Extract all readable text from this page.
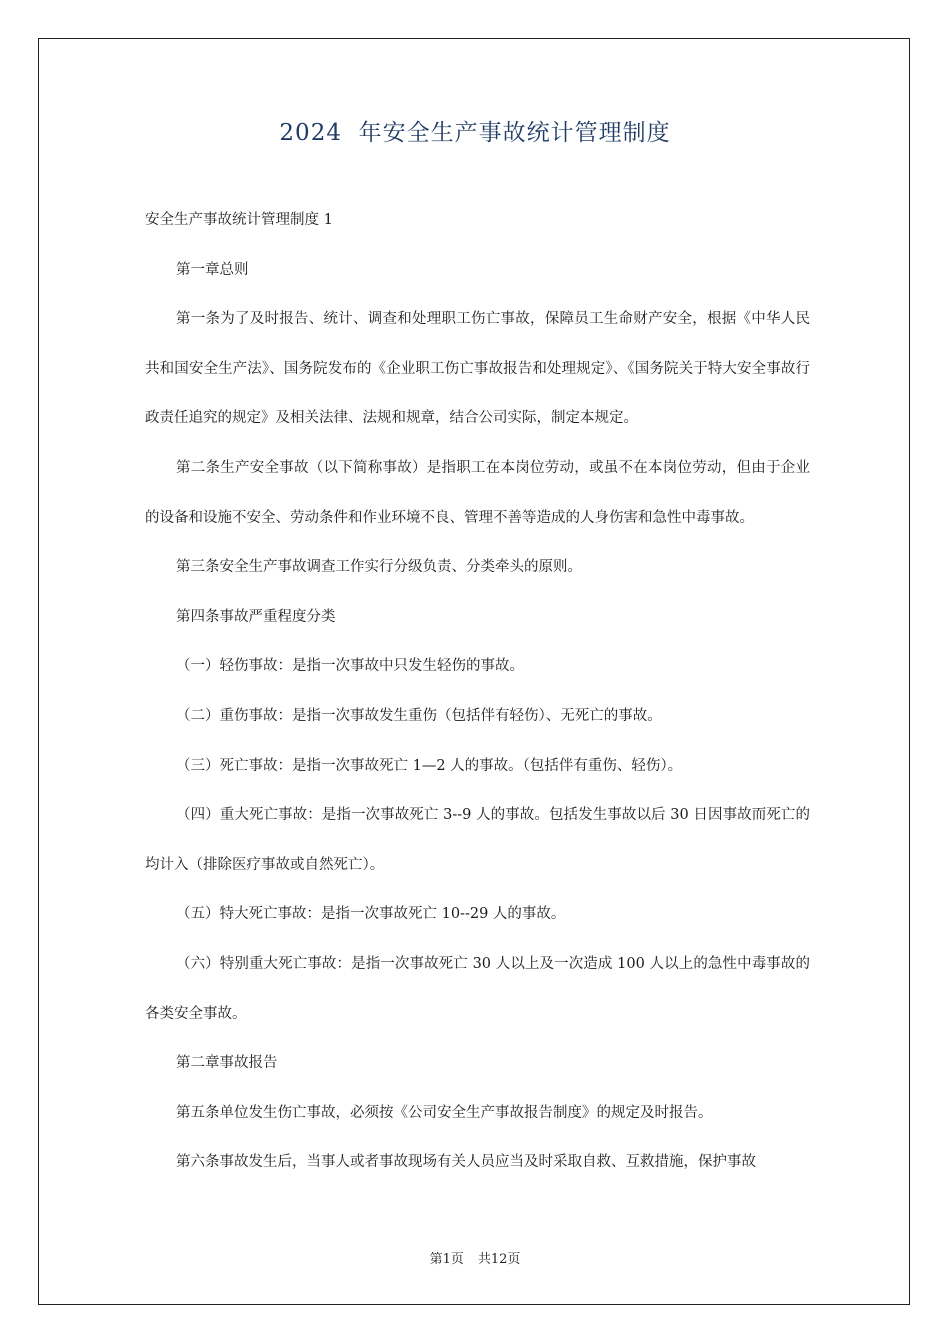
2024  年安全生产事故统计管理制度

安全生产事故统计管理制度 1

第一章总则

第一条为了及时报告、统计、调查和处理职工伤亡事故，保障员工生命财产安全，根据《中华人民共和国安全生产法》、国务院发布的《企业职工伤亡事故报告和处理规定》、《国务院关于特大安全事故行政责任追究的规定》及相关法律、法规和规章，结合公司实际，制定本规定。

第二条生产安全事故（以下简称事故）是指职工在本岗位劳动，或虽不在本岗位劳动，但由于企业的设备和设施不安全、劳动条件和作业环境不良、管理不善等造成的人身伤害和急性中毒事故。

第三条安全生产事故调查工作实行分级负责、分类牵头的原则。

第四条事故严重程度分类

（一）轻伤事故：是指一次事故中只发生轻伤的事故。

（二）重伤事故：是指一次事故发生重伤（包括伴有轻伤）、无死亡的事故。

（三）死亡事故：是指一次事故死亡 1—2 人的事故。（包括伴有重伤、轻伤）。

（四）重大死亡事故：是指一次事故死亡 3--9 人的事故。包括发生事故以后 30 日因事故而死亡的均计入（排除医疗事故或自然死亡）。

（五）特大死亡事故：是指一次事故死亡 10--29 人的事故。

（六）特别重大死亡事故：是指一次事故死亡 30 人以上及一次造成 100 人以上的急性中毒事故的各类安全事故。

第二章事故报告

第五条单位发生伤亡事故，必须按《公司安全生产事故报告制度》的规定及时报告。

第六条事故发生后，当事人或者事故现场有关人员应当及时采取自救、互救措施，保护事故

第1页 共12页
